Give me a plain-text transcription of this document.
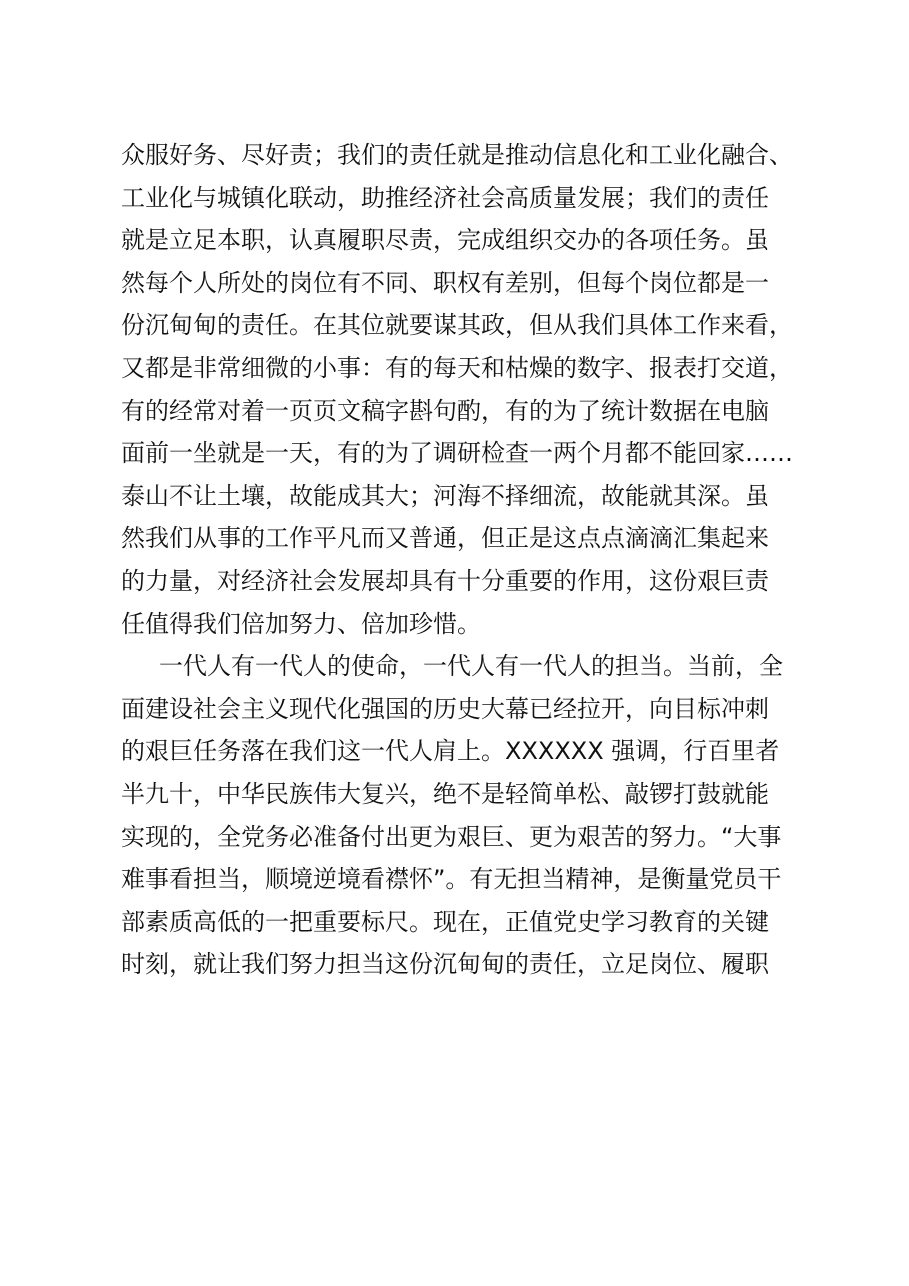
众服好务、尽好责；我们的责任就是推动信息化和工业化融合、
工业化与城镇化联动，助推经济社会高质量发展；我们的责任
就是立足本职，认真履职尽责，完成组织交办的各项任务。虽
然每个人所处的岗位有不同、职权有差别，但每个岗位都是一
份沉甸甸的责任。在其位就要谋其政，但从我们具体工作来看，
又都是非常细微的小事：有的每天和枯燥的数字、报表打交道，
有的经常对着一页页文稿字斟句酌，有的为了统计数据在电脑
面前一坐就是一天，有的为了调研检查一两个月都不能回家……
泰山不让土壤，故能成其大；河海不择细流，故能就其深。虽
然我们从事的工作平凡而又普通，但正是这点点滴滴汇集起来
的力量，对经济社会发展却具有十分重要的作用，这份艰巨责
任值得我们倍加努力、倍加珍惜。
一代人有一代人的使命，一代人有一代人的担当。当前，全
面建设社会主义现代化强国的历史大幕已经拉开，向目标冲刺
的艰巨任务落在我们这一代人肩上。XXXXXX 强调，行百里者
半九十，中华民族伟大复兴，绝不是轻简单松、敲锣打鼓就能
实现的，全党务必准备付出更为艰巨、更为艰苦的努力。“大事
难事看担当，顺境逆境看襟怀”。有无担当精神，是衡量党员干
部素质高低的一把重要标尺。现在，正值党史学习教育的关键
时刻，就让我们努力担当这份沉甸甸的责任，立足岗位、履职
